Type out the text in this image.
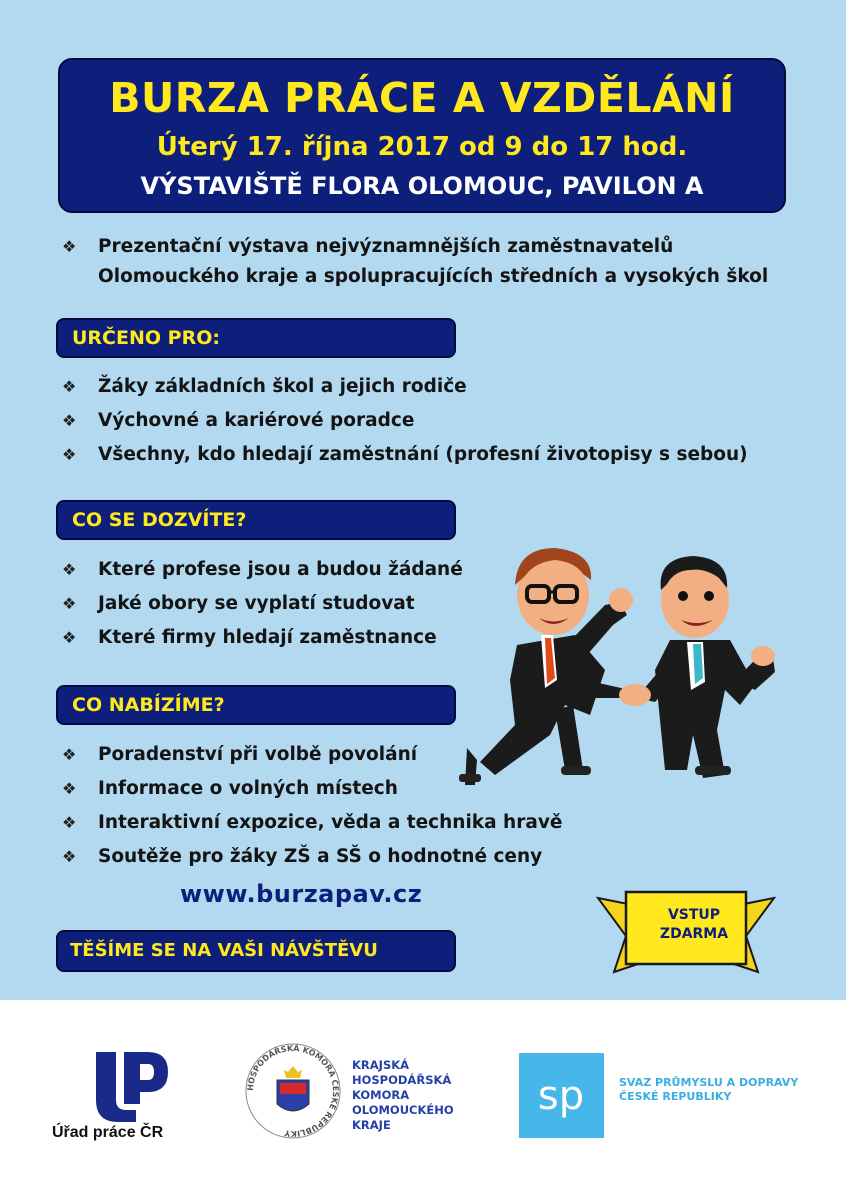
BURZA PRÁCE A VZDĚLÁNÍ
Úterý 17. října 2017 od 9 do 17 hod.
VÝSTAVIŠTĚ FLORA OLOMOUC, PAVILON A
❖ Prezentační výstava nejvýznamnějších zaměstnavatelů
Olomouckého kraje a spolupracujících středních a vysokých škol
URČENO PRO:
❖ Žáky základních škol a jejich rodiče
❖ Výchovné a kariérové poradce
❖ Všechny, kdo hledají zaměstnání (profesní životopisy s sebou)
CO SE DOZVÍTE?
❖ Které profese jsou a budou žádané
❖ Jaké obory se vyplatí studovat
❖ Které firmy hledají zaměstnance
CO NABÍZÍME?
❖ Poradenství při volbě povolání
❖ Informace o volných místech
❖ Interaktivní expozice, věda a technika hravě
❖ Soutěže pro žáky ZŠ a SŠ o hodnotné ceny
www.burzapav.cz
TĚŠÍME SE NA VAŠI NÁVŠTĚVU
VSTUP
ZDARMA
Úřad práce ČR
HOSPODÁŘSKÁ KOMORA ČESKÉ REPUBLIKY
KRAJSKÁ
HOSPODÁŘSKÁ
KOMORA
OLOMOUCKÉHO
KRAJE
sp	SVAZ PRŮMYSLU A DOPRAVY
ČESKÉ REPUBLIKY
